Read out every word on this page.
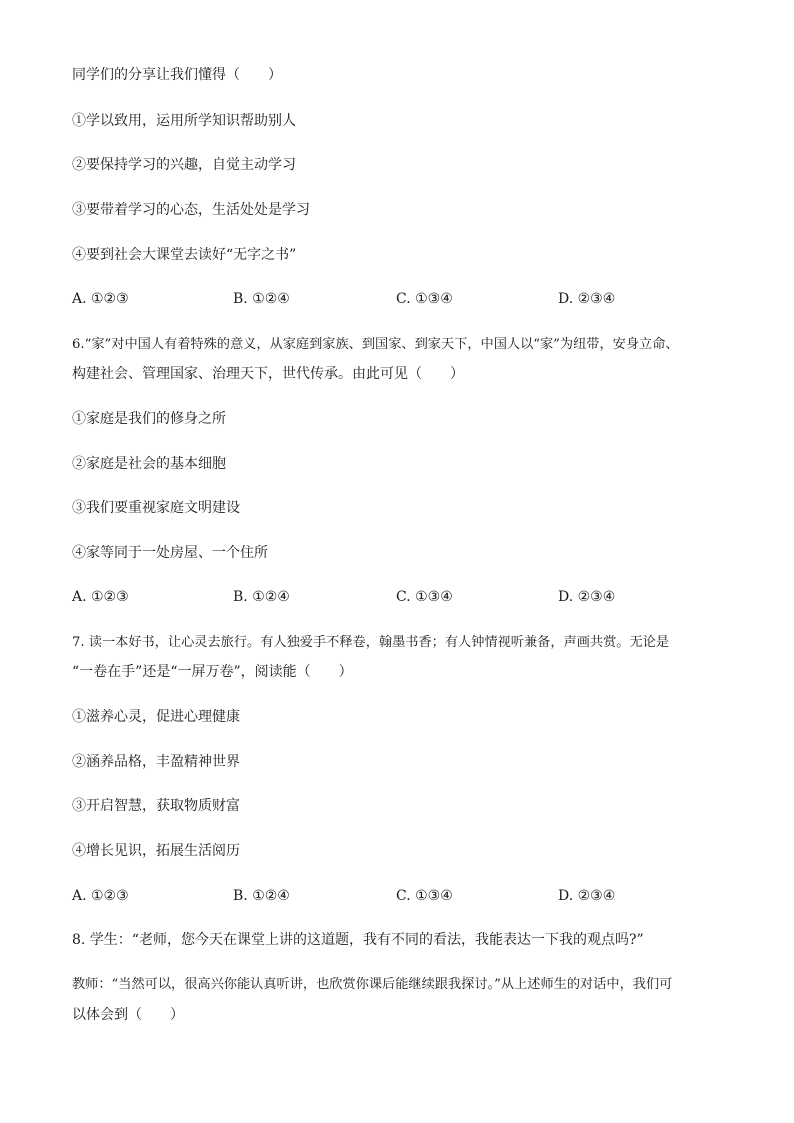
同学们的分享让我们懂得（　　）
①学以致用，运用所学知识帮助别人
②要保持学习的兴趣，自觉主动学习
③要带着学习的心态，生活处处是学习
④要到社会大课堂去读好“无字之书”
A. ①②③	B. ①②④	C. ①③④	D. ②③④
6.“家”对中国人有着特殊的意义，从家庭到家族、到国家、到家天下，中国人以“家”为纽带，安身立命、
构建社会、管理国家、治理天下，世代传承。由此可见（　　）
①家庭是我们的修身之所
②家庭是社会的基本细胞
③我们要重视家庭文明建设
④家等同于一处房屋、一个住所
A. ①②③	B. ①②④	C. ①③④	D. ②③④
7. 读一本好书，让心灵去旅行。有人独爱手不释卷，翰墨书香；有人钟情视听兼备，声画共赏。无论是
“一卷在手”还是“一屏万卷”，阅读能（　　）
①滋养心灵，促进心理健康
②涵养品格，丰盈精神世界
③开启智慧，获取物质财富
④增长见识，拓展生活阅历
A. ①②③	B. ①②④	C. ①③④	D. ②③④
8. 学生：“老师，您今天在课堂上讲的这道题，我有不同的看法，我能表达一下我的观点吗?”
教师：“当然可以，很高兴你能认真听讲，也欣赏你课后能继续跟我探讨。”从上述师生的对话中，我们可
以体会到（　　）
